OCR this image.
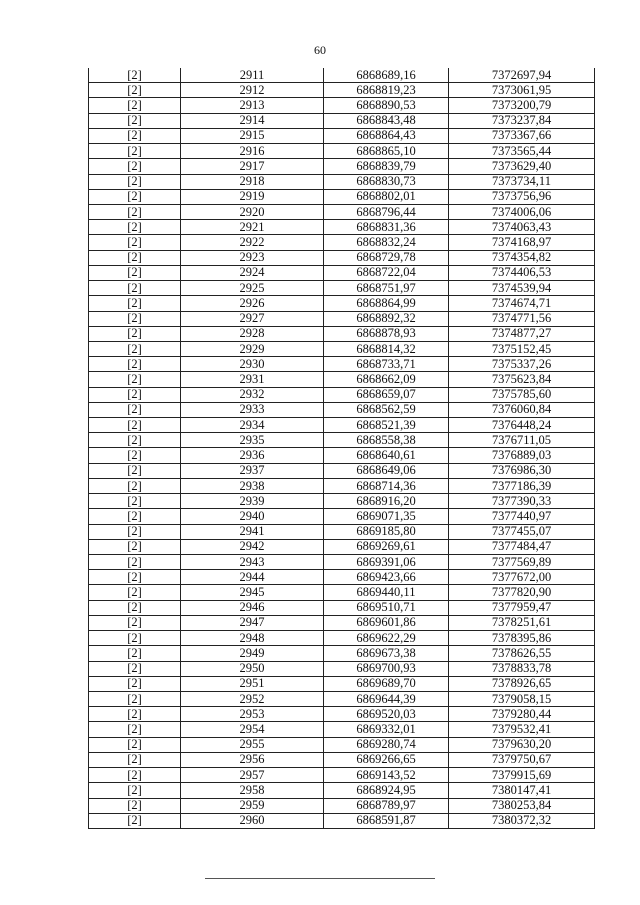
60
[2]	2911	6868689,16	7372697,94
[2]	2912	6868819,23	7373061,95
[2]	2913	6868890,53	7373200,79
[2]	2914	6868843,48	7373237,84
[2]	2915	6868864,43	7373367,66
[2]	2916	6868865,10	7373565,44
[2]	2917	6868839,79	7373629,40
[2]	2918	6868830,73	7373734,11
[2]	2919	6868802,01	7373756,96
[2]	2920	6868796,44	7374006,06
[2]	2921	6868831,36	7374063,43
[2]	2922	6868832,24	7374168,97
[2]	2923	6868729,78	7374354,82
[2]	2924	6868722,04	7374406,53
[2]	2925	6868751,97	7374539,94
[2]	2926	6868864,99	7374674,71
[2]	2927	6868892,32	7374771,56
[2]	2928	6868878,93	7374877,27
[2]	2929	6868814,32	7375152,45
[2]	2930	6868733,71	7375337,26
[2]	2931	6868662,09	7375623,84
[2]	2932	6868659,07	7375785,60
[2]	2933	6868562,59	7376060,84
[2]	2934	6868521,39	7376448,24
[2]	2935	6868558,38	7376711,05
[2]	2936	6868640,61	7376889,03
[2]	2937	6868649,06	7376986,30
[2]	2938	6868714,36	7377186,39
[2]	2939	6868916,20	7377390,33
[2]	2940	6869071,35	7377440,97
[2]	2941	6869185,80	7377455,07
[2]	2942	6869269,61	7377484,47
[2]	2943	6869391,06	7377569,89
[2]	2944	6869423,66	7377672,00
[2]	2945	6869440,11	7377820,90
[2]	2946	6869510,71	7377959,47
[2]	2947	6869601,86	7378251,61
[2]	2948	6869622,29	7378395,86
[2]	2949	6869673,38	7378626,55
[2]	2950	6869700,93	7378833,78
[2]	2951	6869689,70	7378926,65
[2]	2952	6869644,39	7379058,15
[2]	2953	6869520,03	7379280,44
[2]	2954	6869332,01	7379532,41
[2]	2955	6869280,74	7379630,20
[2]	2956	6869266,65	7379750,67
[2]	2957	6869143,52	7379915,69
[2]	2958	6868924,95	7380147,41
[2]	2959	6868789,97	7380253,84
[2]	2960	6868591,87	7380372,32
